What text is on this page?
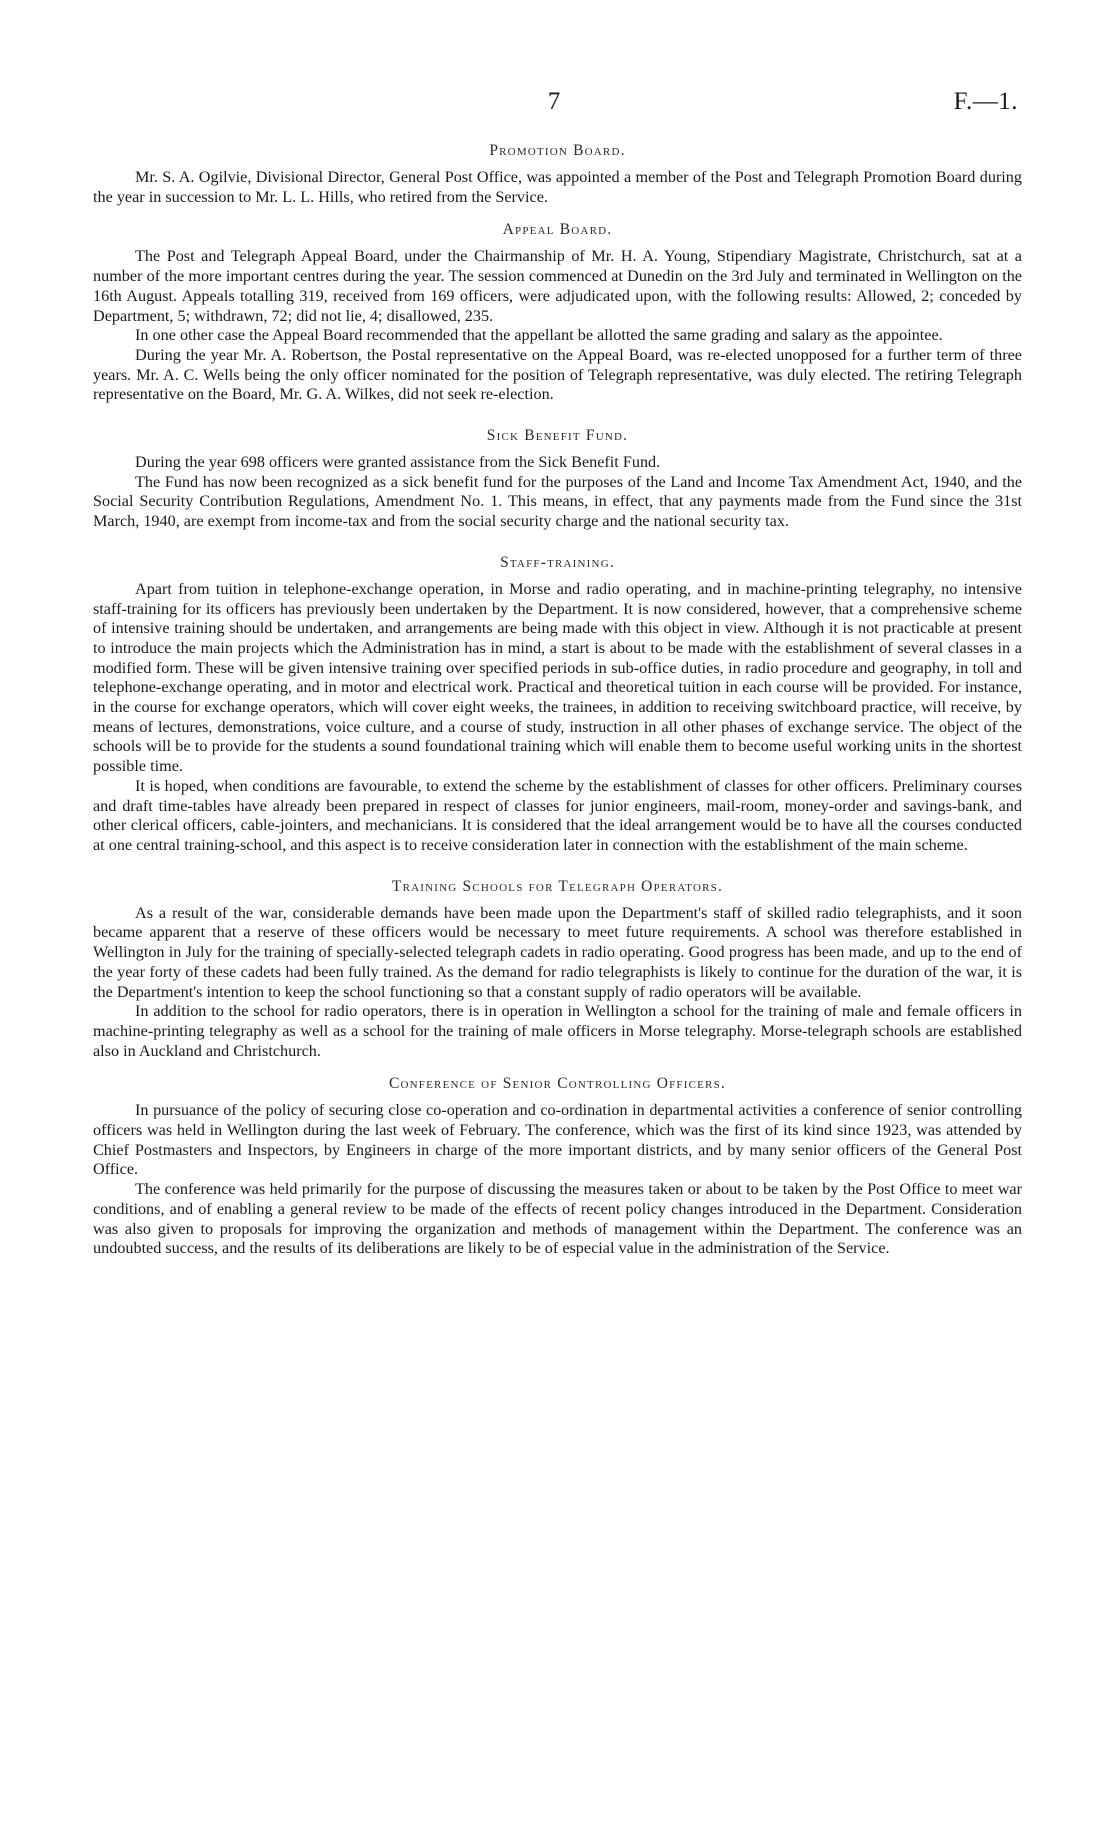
7	F.—1.
Promotion Board.

Mr. S. A. Ogilvie, Divisional Director, General Post Office, was appointed a member of the Post and Telegraph Promotion Board during the year in succession to Mr. L. L. Hills, who retired from the Service.

Appeal Board.

The Post and Telegraph Appeal Board, under the Chairmanship of Mr. H. A. Young, Stipendiary Magistrate, Christchurch, sat at a number of the more important centres during the year. The session commenced at Dunedin on the 3rd July and terminated in Wellington on the 16th August. Appeals totalling 319, received from 169 officers, were adjudicated upon, with the following results: Allowed, 2; conceded by Department, 5; withdrawn, 72; did not lie, 4; disallowed, 235.

In one other case the Appeal Board recommended that the appellant be allotted the same grading and salary as the appointee.

During the year Mr. A. Robertson, the Postal representative on the Appeal Board, was re-elected unopposed for a further term of three years. Mr. A. C. Wells being the only officer nominated for the position of Telegraph representative, was duly elected. The retiring Telegraph representative on the Board, Mr. G. A. Wilkes, did not seek re-election.

Sick Benefit Fund.

During the year 698 officers were granted assistance from the Sick Benefit Fund.

The Fund has now been recognized as a sick benefit fund for the purposes of the Land and Income Tax Amendment Act, 1940, and the Social Security Contribution Regulations, Amendment No. 1. This means, in effect, that any payments made from the Fund since the 31st March, 1940, are exempt from income-tax and from the social security charge and the national security tax.

Staff-training.

Apart from tuition in telephone-exchange operation, in Morse and radio operating, and in machine-printing telegraphy, no intensive staff-training for its officers has previously been undertaken by the Department. It is now considered, however, that a comprehensive scheme of intensive training should be undertaken, and arrangements are being made with this object in view. Although it is not practicable at present to introduce the main projects which the Administration has in mind, a start is about to be made with the establishment of several classes in a modified form. These will be given intensive training over specified periods in sub-office duties, in radio procedure and geography, in toll and telephone-exchange operating, and in motor and electrical work. Practical and theoretical tuition in each course will be provided. For instance, in the course for exchange operators, which will cover eight weeks, the trainees, in addition to receiving switchboard practice, will receive, by means of lectures, demonstrations, voice culture, and a course of study, instruction in all other phases of exchange service. The object of the schools will be to provide for the students a sound foundational training which will enable them to become useful working units in the shortest possible time.

It is hoped, when conditions are favourable, to extend the scheme by the establishment of classes for other officers. Preliminary courses and draft time-tables have already been prepared in respect of classes for junior engineers, mail-room, money-order and savings-bank, and other clerical officers, cable-jointers, and mechanicians. It is considered that the ideal arrangement would be to have all the courses conducted at one central training-school, and this aspect is to receive consideration later in connection with the establishment of the main scheme.

Training Schools for Telegraph Operators.

As a result of the war, considerable demands have been made upon the Department's staff of skilled radio telegraphists, and it soon became apparent that a reserve of these officers would be necessary to meet future requirements. A school was therefore established in Wellington in July for the training of specially-selected telegraph cadets in radio operating. Good progress has been made, and up to the end of the year forty of these cadets had been fully trained. As the demand for radio telegraphists is likely to continue for the duration of the war, it is the Department's intention to keep the school functioning so that a constant supply of radio operators will be available.

In addition to the school for radio operators, there is in operation in Wellington a school for the training of male and female officers in machine-printing telegraphy as well as a school for the training of male officers in Morse telegraphy. Morse-telegraph schools are established also in Auckland and Christchurch.

Conference of Senior Controlling Officers.

In pursuance of the policy of securing close co-operation and co-ordination in departmental activities a conference of senior controlling officers was held in Wellington during the last week of February. The conference, which was the first of its kind since 1923, was attended by Chief Postmasters and Inspectors, by Engineers in charge of the more important districts, and by many senior officers of the General Post Office.

The conference was held primarily for the purpose of discussing the measures taken or about to be taken by the Post Office to meet war conditions, and of enabling a general review to be made of the effects of recent policy changes introduced in the Department. Consideration was also given to proposals for improving the organization and methods of management within the Department. The conference was an undoubted success, and the results of its deliberations are likely to be of especial value in the administration of the Service.
